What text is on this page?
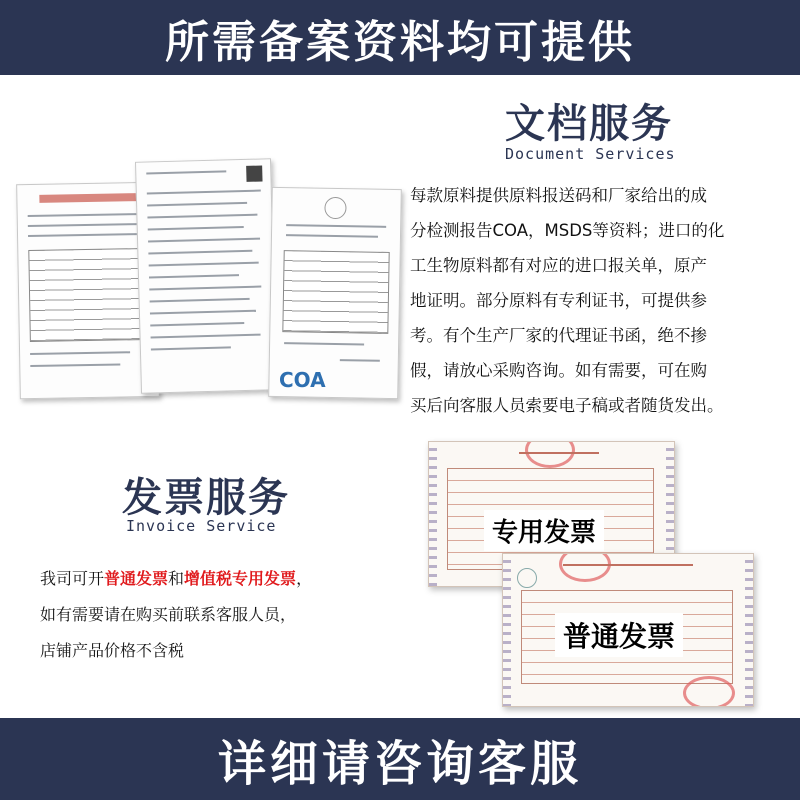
所需备案资料均可提供
COA
文档服务
Document Services
每款原料提供原料报送码和厂家给出的成
分检测报告COA，MSDS等资料；进口的化
工生物原料都有对应的进口报关单，原产
地证明。部分原料有专利证书，可提供参
考。有个生产厂家的代理证书函，绝不掺
假，请放心采购咨询。如有需要，可在购
买后向客服人员索要电子稿或者随货发出。
发票服务
Invoice Service
我司可开普通发票和增值税专用发票，
如有需要请在购买前联系客服人员，
店铺产品价格不含税
专用发票
普通发票
详细请咨询客服
